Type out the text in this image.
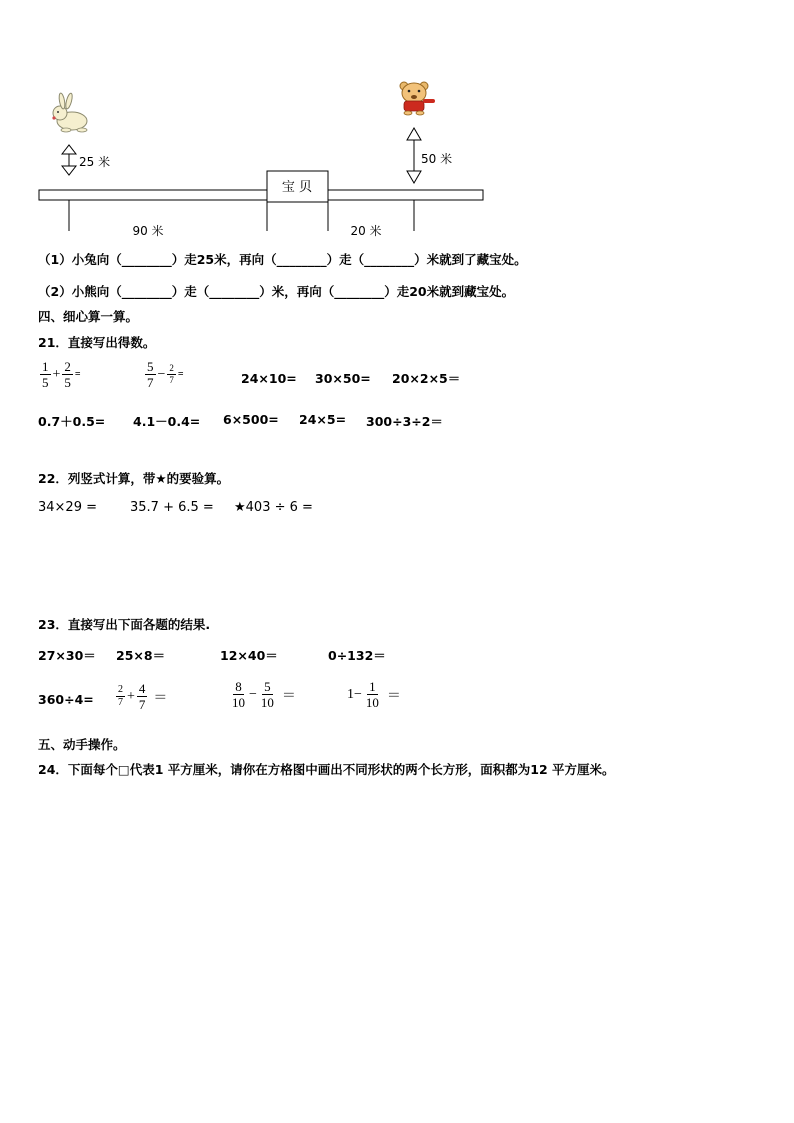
25 米	50 米
宝 贝
90 米	20 米
（1）小兔向（________）走25米，再向（________）走（________）米就到了藏宝处。
（2）小熊向（________）走（________）米，再向（________）走20米就到藏宝处。
四、细心算一算。
21．直接写出得数。
$\frac{1}{5} + \frac{2}{5}$ =	$\frac{5}{7} - \frac{2}{7}$ =	24×10= 30×50= 20×2×5＝
0.7＋0.5= 4.1－0.4= 6×500= 24×5= 300÷3÷2＝
22．列竖式计算，带★的要验算。
34×29 =	35.7 + 6.5 = ★403 ÷ 6 =
23．直接写出下面各题的结果.
27×30＝ 25×8＝	12×40＝	0÷132＝
$360\div 4= \frac{2}{7} + \frac{4}{7}$ ＝	$\frac{8}{10} - \frac{5}{10}$ ＝	$1 - \frac{1}{10}$ ＝
五、动手操作。
24．下面每个□代表1 平方厘米，请你在方格图中画出不同形状的两个长方形，面积都为12 平方厘米。
